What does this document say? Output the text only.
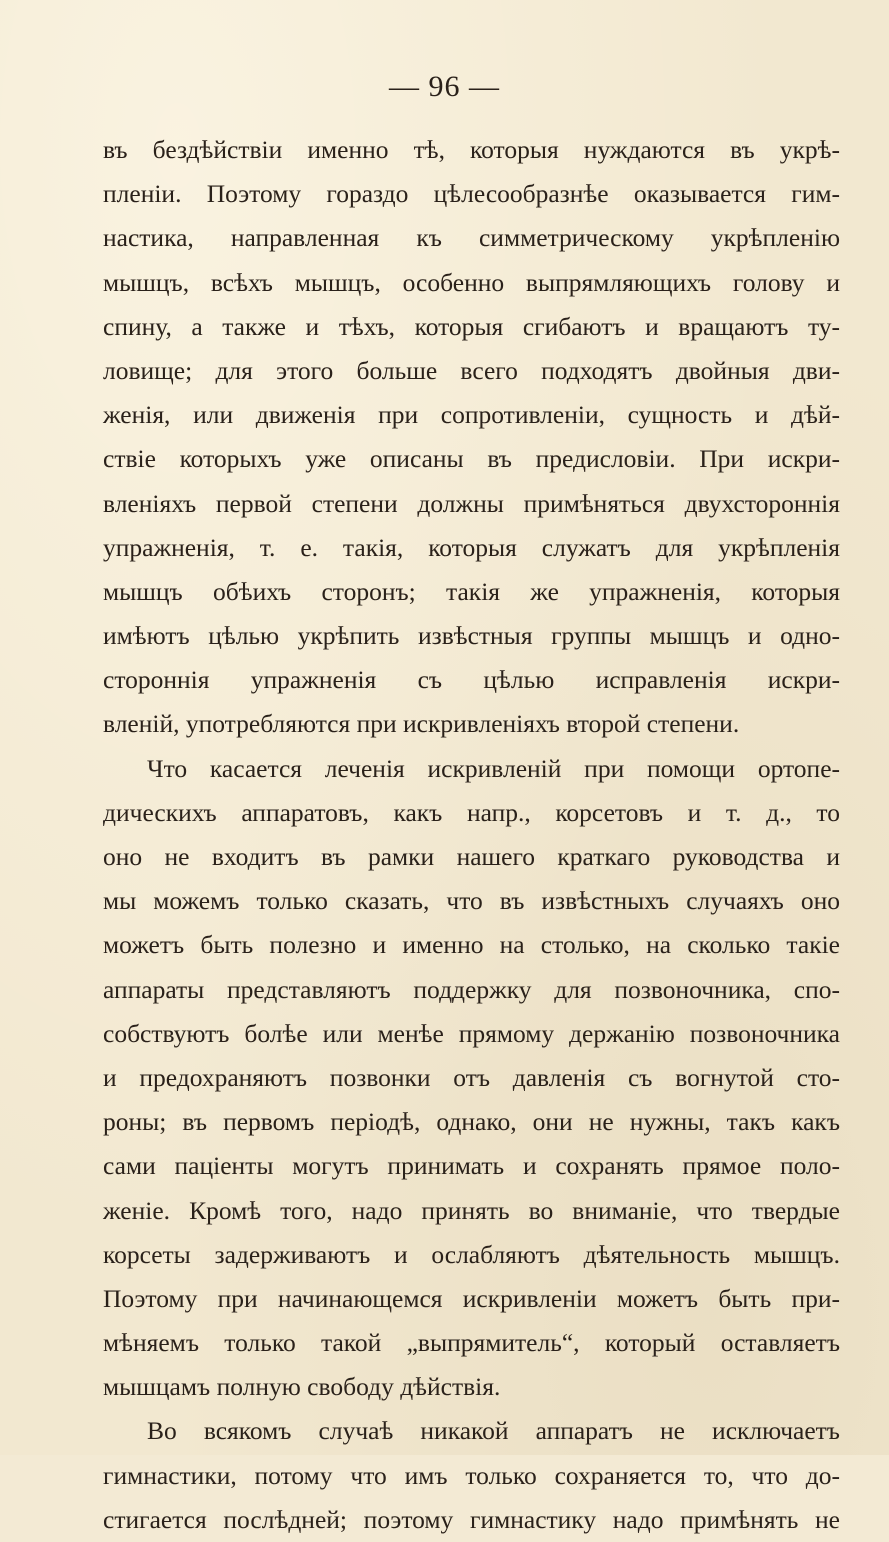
— 96 —
въ бездѣйствіи именно тѣ, которыя нуждаются въ укрѣ-
пленіи. Поэтому гораздо цѣлесообразнѣе оказывается гим-
настика, направленная къ симметрическому укрѣпленію
мышцъ, всѣхъ мышцъ, особенно выпрямляющихъ голову и
спину, а также и тѣхъ, которыя сгибаютъ и вращаютъ ту-
ловище; для этого больше всего подходятъ двойныя дви-
женія, или движенія при сопротивленіи, сущность и дѣй-
ствіе которыхъ уже описаны въ предисловіи. При искри-
вленіяхъ первой степени должны примѣняться двухстороннія
упражненія, т. е. такія, которыя служатъ для укрѣпленія
мышцъ обѣихъ сторонъ; такія же упражненія, которыя
имѣютъ цѣлью укрѣпить извѣстныя группы мышцъ и одно-
стороннія упражненія съ цѣлью исправленія искри-
вленій, употребляются при искривленіяхъ второй степени.
Что касается леченія искривленій при помощи ортопе-
дическихъ аппаратовъ, какъ напр., корсетовъ и т. д., то
оно не входитъ въ рамки нашего краткаго руководства и
мы можемъ только сказать, что въ извѣстныхъ случаяхъ оно
можетъ быть полезно и именно на столько, на сколько такіе
аппараты представляютъ поддержку для позвоночника, спо-
собствуютъ болѣе или менѣе прямому держанію позвоночника
и предохраняютъ позвонки отъ давленія съ вогнутой сто-
роны; въ первомъ періодѣ, однако, они не нужны, такъ какъ
сами паціенты могутъ принимать и сохранять прямое поло-
женіе. Кромѣ того, надо принять во вниманіе, что твердые
корсеты задерживаютъ и ослабляютъ дѣятельность мышцъ.
Поэтому при начинающемся искривленіи можетъ быть при-
мѣняемъ только такой „выпрямитель“, который оставляетъ
мышцамъ полную свободу дѣйствія.
Во всякомъ случаѣ никакой аппаратъ не исключаетъ
гимнастики, потому что имъ только сохраняется то, что до-
стигается послѣдней; поэтому гимнастику надо примѣнять не
